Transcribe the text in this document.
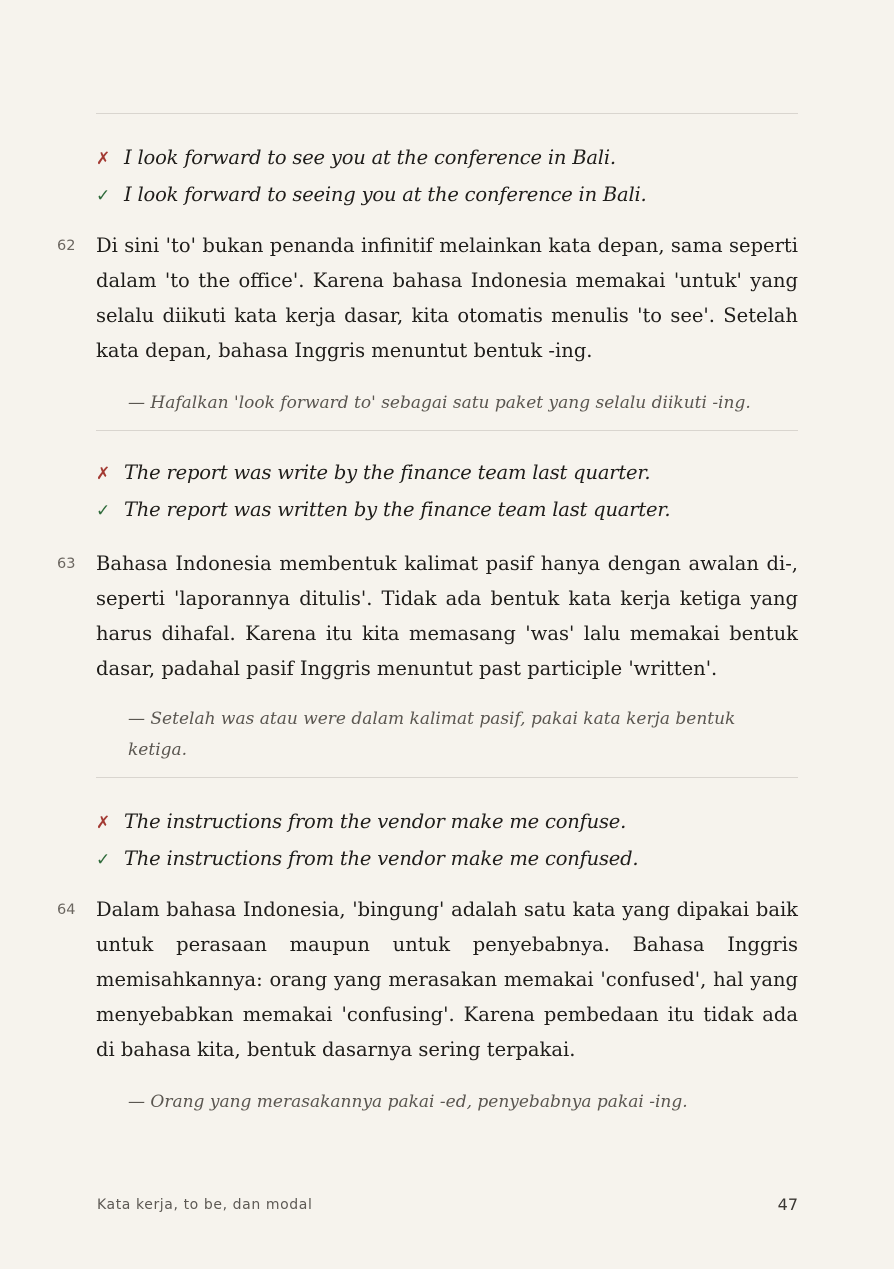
✗ I look forward to see you at the conference in Bali.
✓ I look forward to seeing you at the conference in Bali.
62	Di sini 'to' bukan penanda infinitif melainkan kata depan, sama seperti dalam 'to the office'. Karena bahasa Indonesia memakai 'untuk' yang selalu diikuti kata kerja dasar, kita otomatis menulis 'to see'. Setelah kata depan, bahasa Inggris menuntut bentuk -ing.
— Hafalkan 'look forward to' sebagai satu paket yang selalu diikuti -ing.
✗ The report was write by the finance team last quarter.
✓ The report was written by the finance team last quarter.
63	Bahasa Indonesia membentuk kalimat pasif hanya dengan awalan di-, seperti 'laporannya ditulis'. Tidak ada bentuk kata kerja ketiga yang harus dihafal. Karena itu kita memasang 'was' lalu memakai bentuk dasar, padahal pasif Inggris menuntut past participle 'written'.
— Setelah was atau were dalam kalimat pasif, pakai kata kerja bentuk ketiga.
✗ The instructions from the vendor make me confuse.
✓ The instructions from the vendor make me confused.
64	Dalam bahasa Indonesia, 'bingung' adalah satu kata yang dipakai baik untuk perasaan maupun untuk penyebabnya. Bahasa Inggris memisahkannya: orang yang merasakan memakai 'confused', hal yang menyebabkan memakai 'confusing'. Karena pembedaan itu tidak ada di bahasa kita, bentuk dasarnya sering terpakai.
— Orang yang merasakannya pakai -ed, penyebabnya pakai -ing.
Kata kerja, to be, dan modal	47
